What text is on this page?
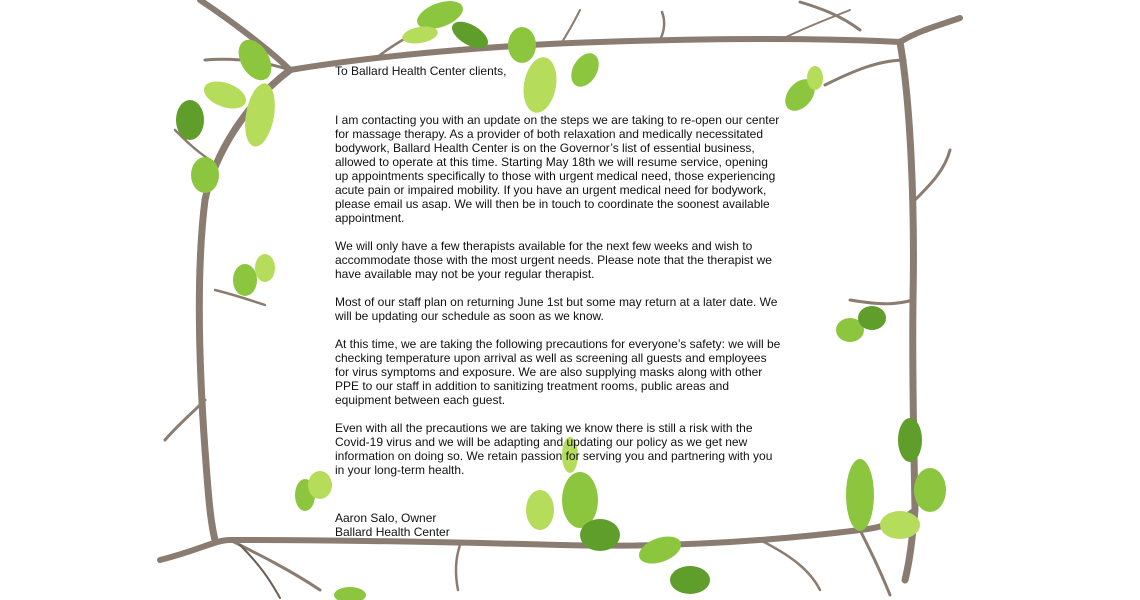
To Ballard Health Center clients,

I am contacting you with an update on the steps we are taking to re-open our center for massage therapy. As a provider of both relaxation and medically necessitated bodywork, Ballard Health Center is on the Governor’s list of essential business, allowed to operate at this time. Starting May 18th we will resume service, opening up appointments specifically to those with urgent medical need, those experiencing acute pain or impaired mobility. If you have an urgent medical need for bodywork, please email us asap. We will then be in touch to coordinate the soonest available appointment.

We will only have a few therapists available for the next few weeks and wish to accommodate those with the most urgent needs. Please note that the therapist we have available may not be your regular therapist.

Most of our staff plan on returning June 1st but some may return at a later date. We will be updating our schedule as soon as we know.

At this time, we are taking the following precautions for everyone’s safety: we will be checking temperature upon arrival as well as screening all guests and employees for virus symptoms and exposure. We are also supplying masks along with other PPE to our staff in addition to sanitizing treatment rooms, public areas and equipment between each guest.

Even with all the precautions we are taking we know there is still a risk with the Covid-19 virus and we will be adapting and updating our policy as we get new information on doing so. We retain passion for serving you and partnering with you in your long-term health.

Aaron Salo, Owner
Ballard Health Center
